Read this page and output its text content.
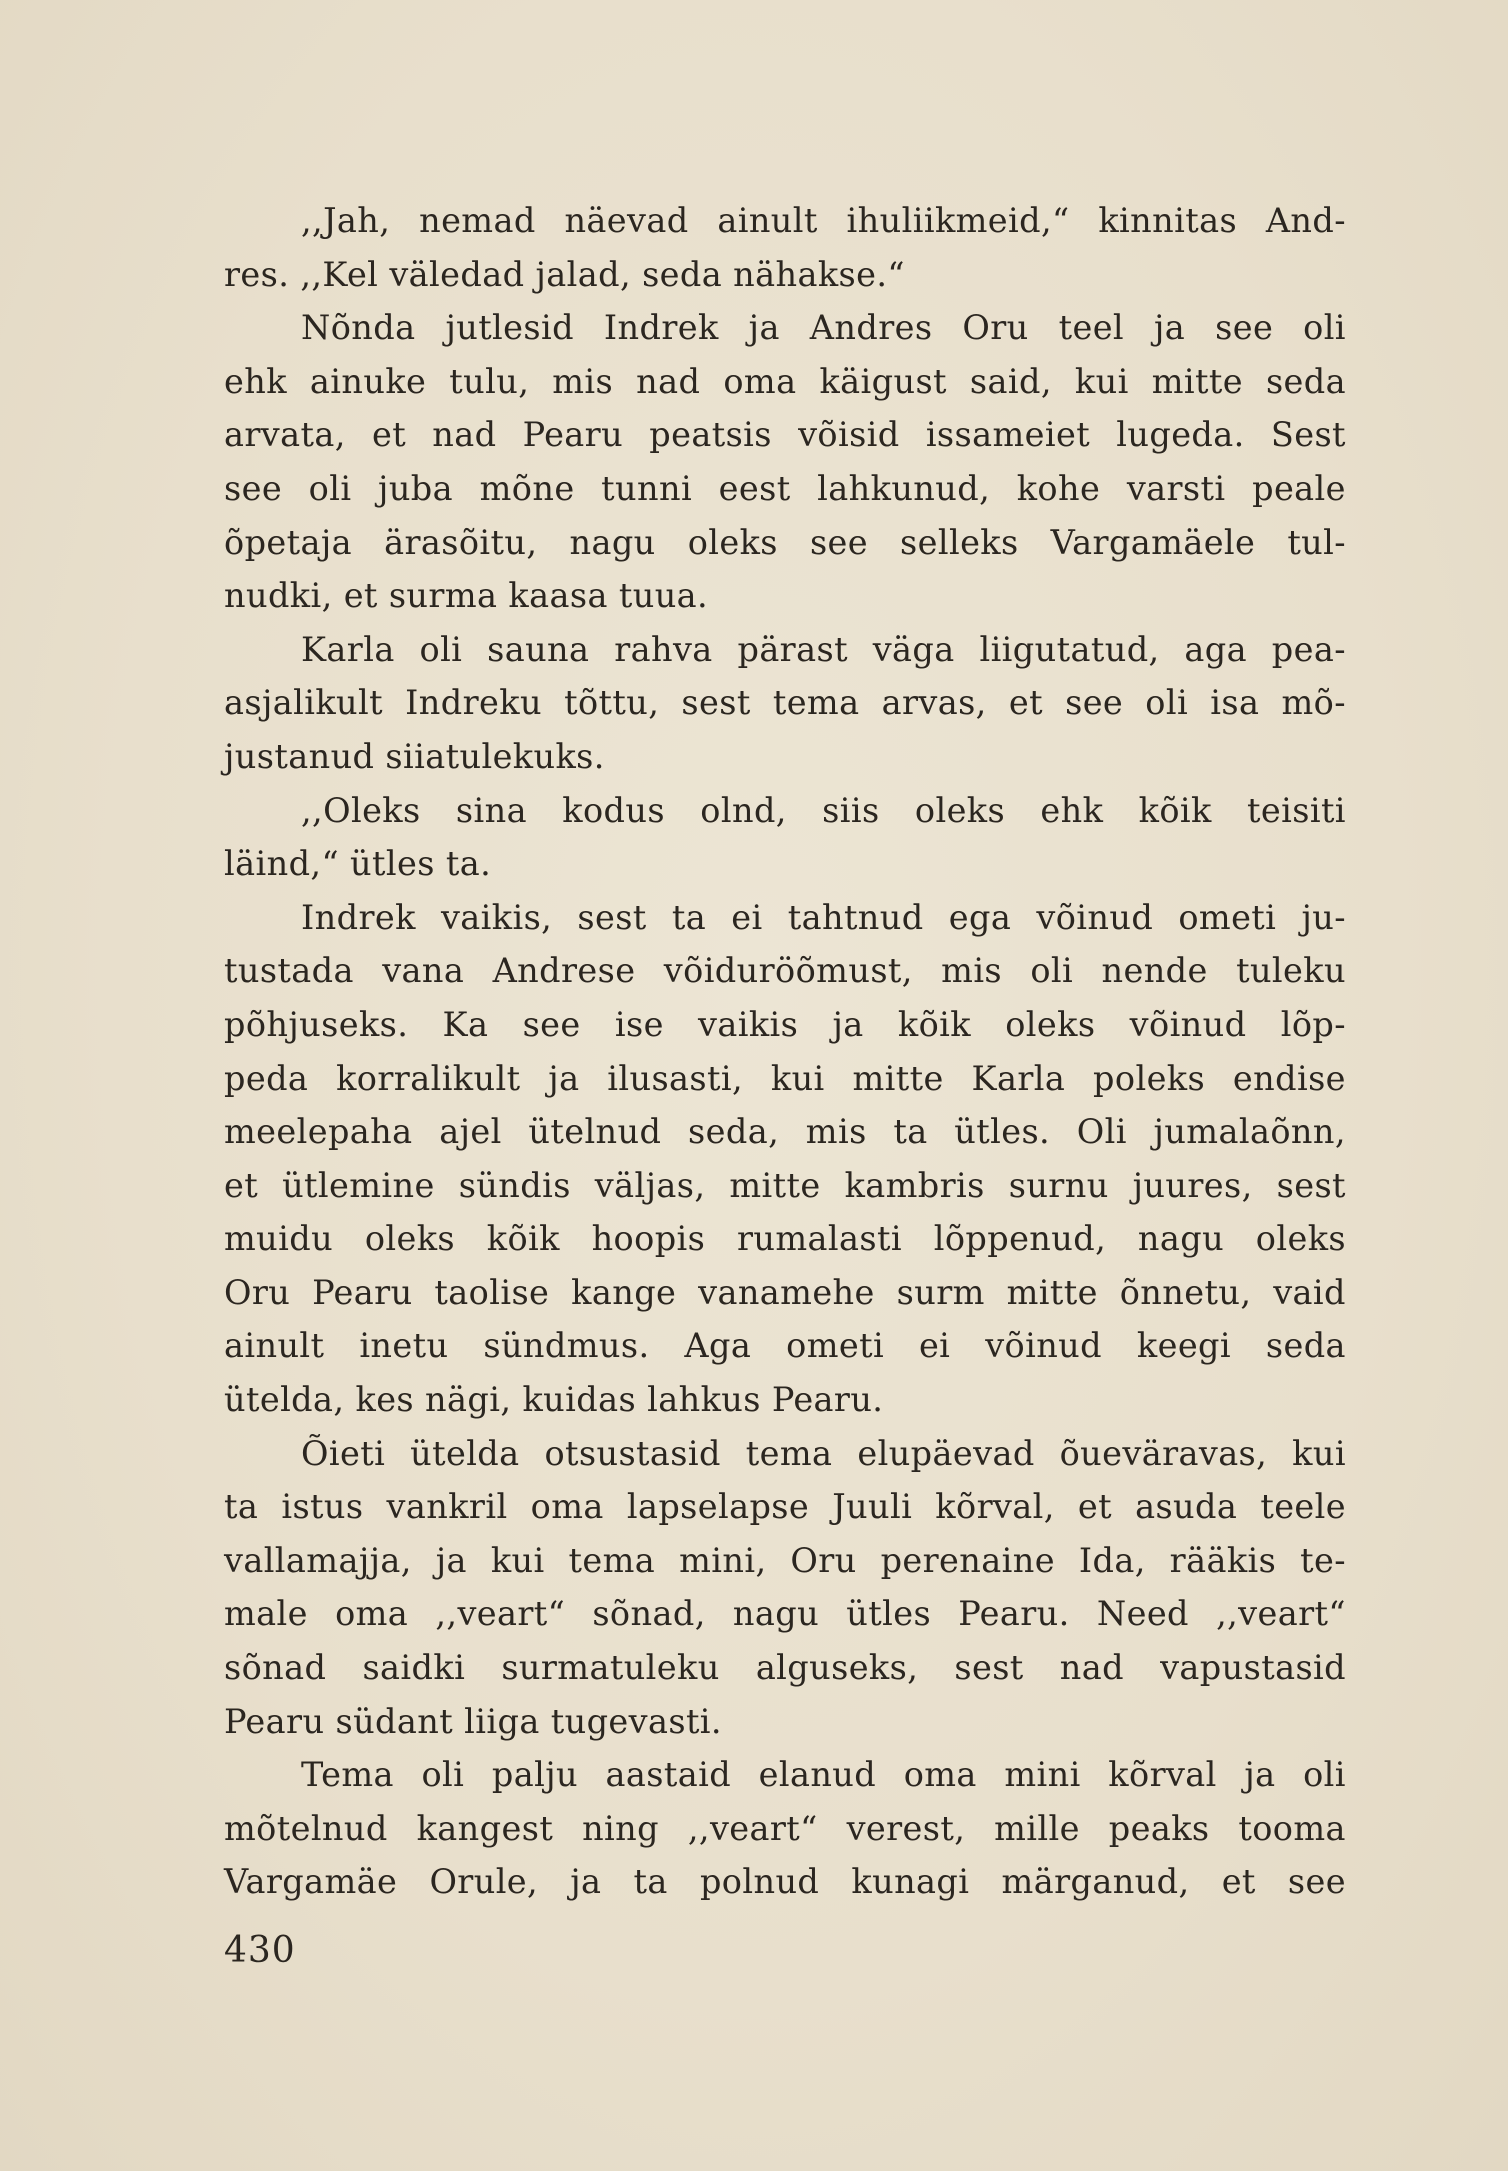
,,Jah, nemad näevad ainult ihuliikmeid,“ kinnitas And-
res. ,,Kel väledad jalad, seda nähakse.“
Nõnda jutlesid Indrek ja Andres Oru teel ja see oli
ehk ainuke tulu, mis nad oma käigust said, kui mitte seda
arvata, et nad Pearu peatsis võisid issameiet lugeda. Sest
see oli juba mõne tunni eest lahkunud, kohe varsti peale
õpetaja ärasõitu, nagu oleks see selleks Vargamäele tul-
nudki, et surma kaasa tuua.
Karla oli sauna rahva pärast väga liigutatud, aga pea-
asjalikult Indreku tõttu, sest tema arvas, et see oli isa mõ-
justanud siiatulekuks.
,,Oleks sina kodus olnd, siis oleks ehk kõik teisiti
läind,“ ütles ta.
Indrek vaikis, sest ta ei tahtnud ega võinud ometi ju-
tustada vana Andrese võiduröõmust, mis oli nende tuleku
põhjuseks. Ka see ise vaikis ja kõik oleks võinud lõp-
peda korralikult ja ilusasti, kui mitte Karla poleks endise
meelepaha ajel ütelnud seda, mis ta ütles. Oli jumalaõnn,
et ütlemine sündis väljas, mitte kambris surnu juures, sest
muidu oleks kõik hoopis rumalasti lõppenud, nagu oleks
Oru Pearu taolise kange vanamehe surm mitte õnnetu, vaid
ainult inetu sündmus. Aga ometi ei võinud keegi seda
ütelda, kes nägi, kuidas lahkus Pearu.
Õieti ütelda otsustasid tema elupäevad õueväravas, kui
ta istus vankril oma lapselapse Juuli kõrval, et asuda teele
vallamajja, ja kui tema mini, Oru perenaine Ida, rääkis te-
male oma ,,veart“ sõnad, nagu ütles Pearu. Need ,,veart“
sõnad saidki surmatuleku alguseks, sest nad vapustasid
Pearu südant liiga tugevasti.
Tema oli palju aastaid elanud oma mini kõrval ja oli
mõtelnud kangest ning ,,veart“ verest, mille peaks tooma
Vargamäe Orule, ja ta polnud kunagi märganud, et see
430
